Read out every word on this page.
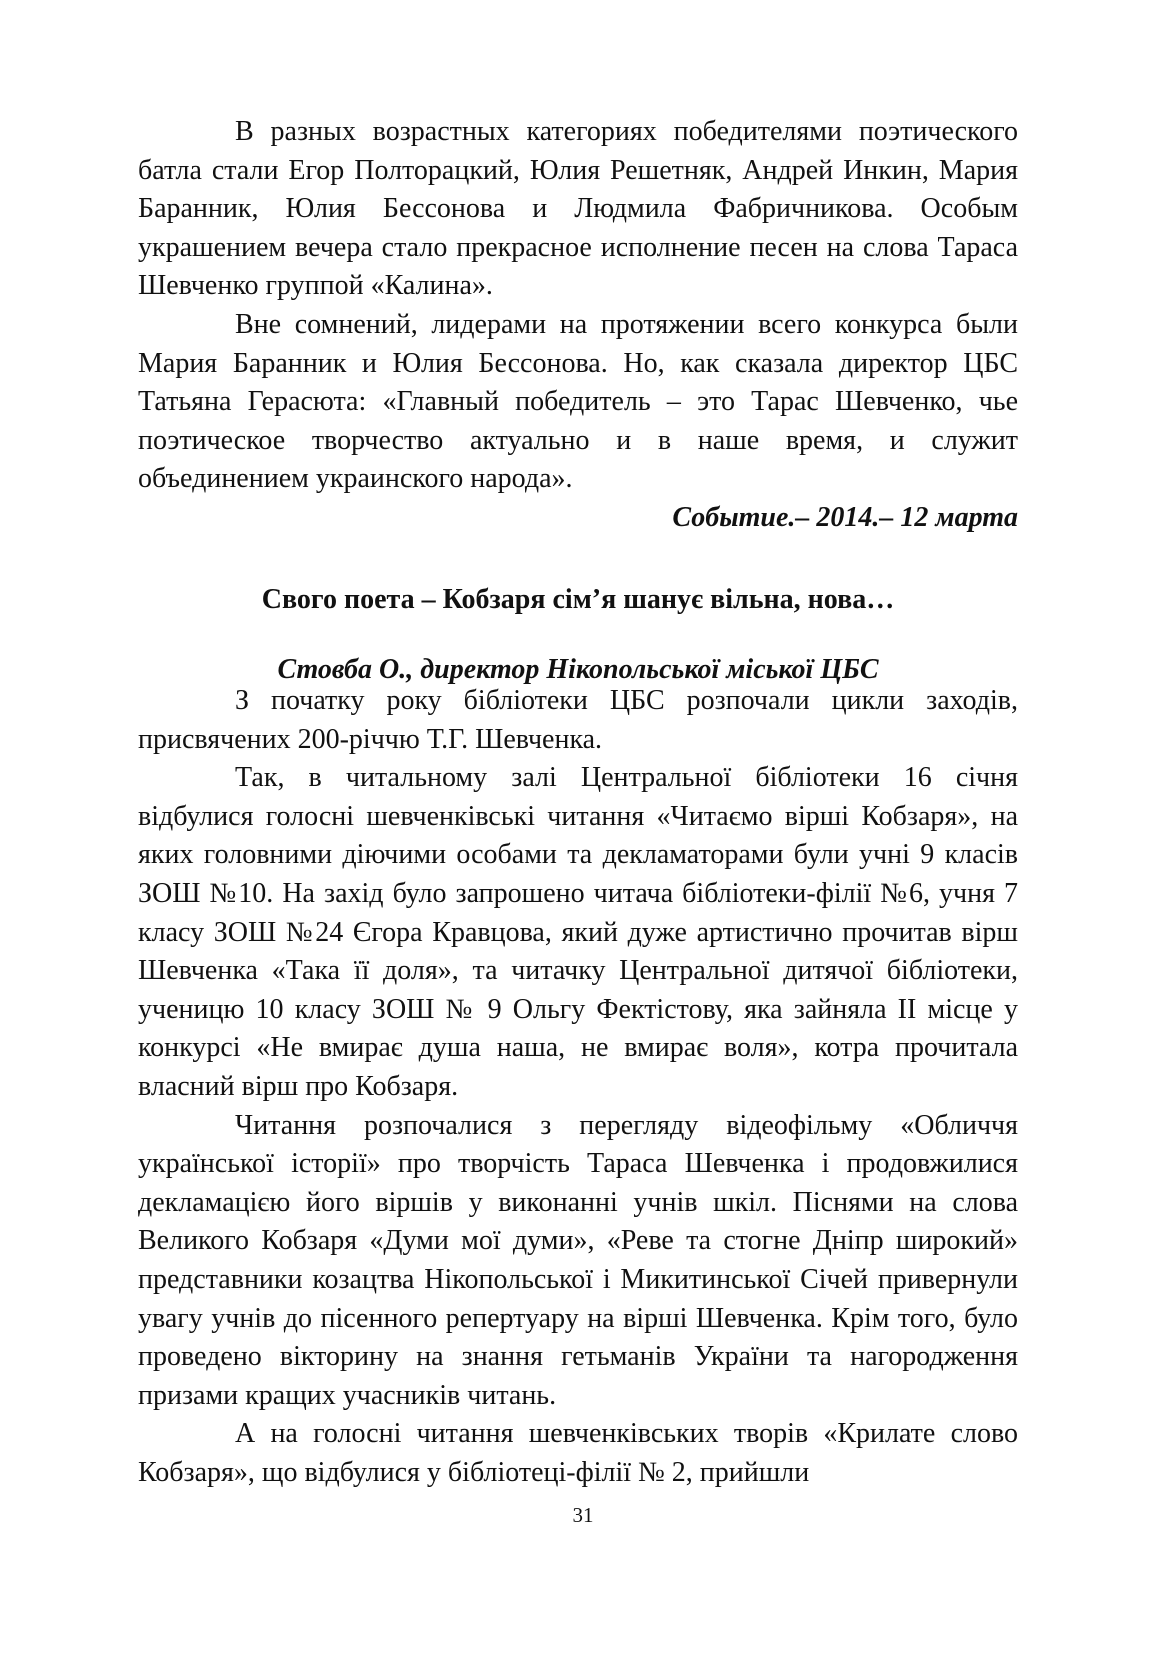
В разных возрастных категориях победителями поэтического батла стали Егор Полторацкий, Юлия Решетняк, Андрей Инкин, Мария Баранник, Юлия Бессонова и Людмила Фабричникова. Особым украшением вечера стало прекрасное исполнение песен на слова Тараса Шевченко группой «Калина».

Вне сомнений, лидерами на протяжении всего конкурса были Мария Баранник и Юлия Бессонова. Но, как сказала директор ЦБС Татьяна Герасюта: «Главный победитель – это Тарас Шевченко, чье поэтическое творчество актуально и в наше время, и служит объединением украинского народа».

Событие.– 2014.– 12 марта

Свого поета – Кобзаря сім’я шанує вільна, нова…

Стовба О., директор Нікопольської міської ЦБС

З початку року бібліотеки ЦБС розпочали цикли заходів, присвячених 200-річчю Т.Г. Шевченка.

Так, в читальному залі Центральної бібліотеки 16 січня відбулися голосні шевченківські читання «Читаємо вірші Кобзаря», на яких головними діючими особами та декламаторами були учні 9 класів ЗОШ №10. На захід було запрошено читача бібліотеки-філії №6, учня 7 класу ЗОШ №24 Єгора Кравцова, який дуже артистично прочитав вірш Шевченка «Така її доля», та читачку Центральної дитячої бібліотеки, ученицю 10 класу ЗОШ № 9 Ольгу Фектістову, яка зайняла ІІ місце у конкурсі «Не вмирає душа наша, не вмирає воля», котра прочитала власний вірш про Кобзаря.

Читання розпочалися з перегляду відеофільму «Обличчя української історії» про творчість Тараса Шевченка і продовжилися декламацією його віршів у виконанні учнів шкіл. Піснями на слова Великого Кобзаря «Думи мої думи», «Реве та стогне Дніпр широкий» представники козацтва Нікопольської і Микитинської Січей привернули увагу учнів до пісенного репертуару на вірші Шевченка. Крім того, було проведено вікторину на знання гетьманів України та нагородження призами кращих учасників читань.

А на голосні читання шевченківських творів «Крилате слово Кобзаря», що відбулися у бібліотеці-філії № 2, прийшли

31
